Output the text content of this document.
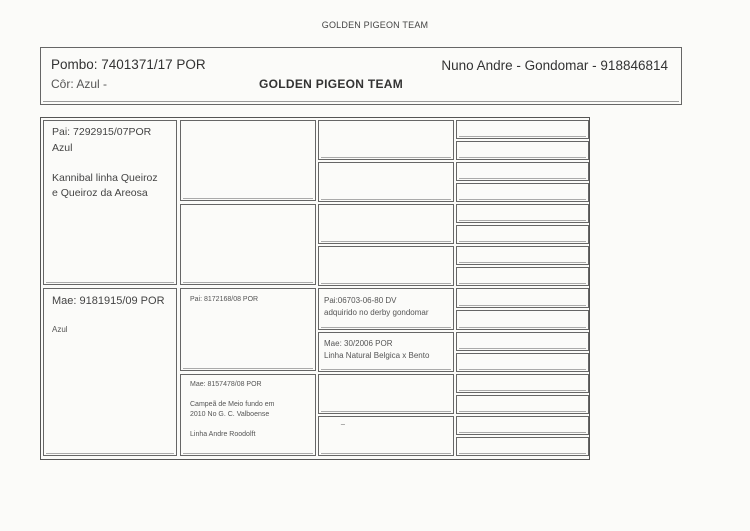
GOLDEN PIGEON TEAM
Pombo: 7401371/17 POR
Côr: Azul -
Nuno Andre - Gondomar - 918846814
GOLDEN PIGEON TEAM
Pai: 7292915/07POR
Azul
Kannibal linha Queiroz
e Queiroz da Areosa
Mae: 9181915/09 POR
Azul
Pai: 8172168/08 POR
Mae: 8157478/08 POR
Campeã de Meio fundo em
2010 No G. C. Valboense
Linha Andre Roodolft
Pai:06703-06-80 DV
adquirido no derby gondomar
Mae: 30/2006 POR
Linha Natural Belgica x Bento
_
